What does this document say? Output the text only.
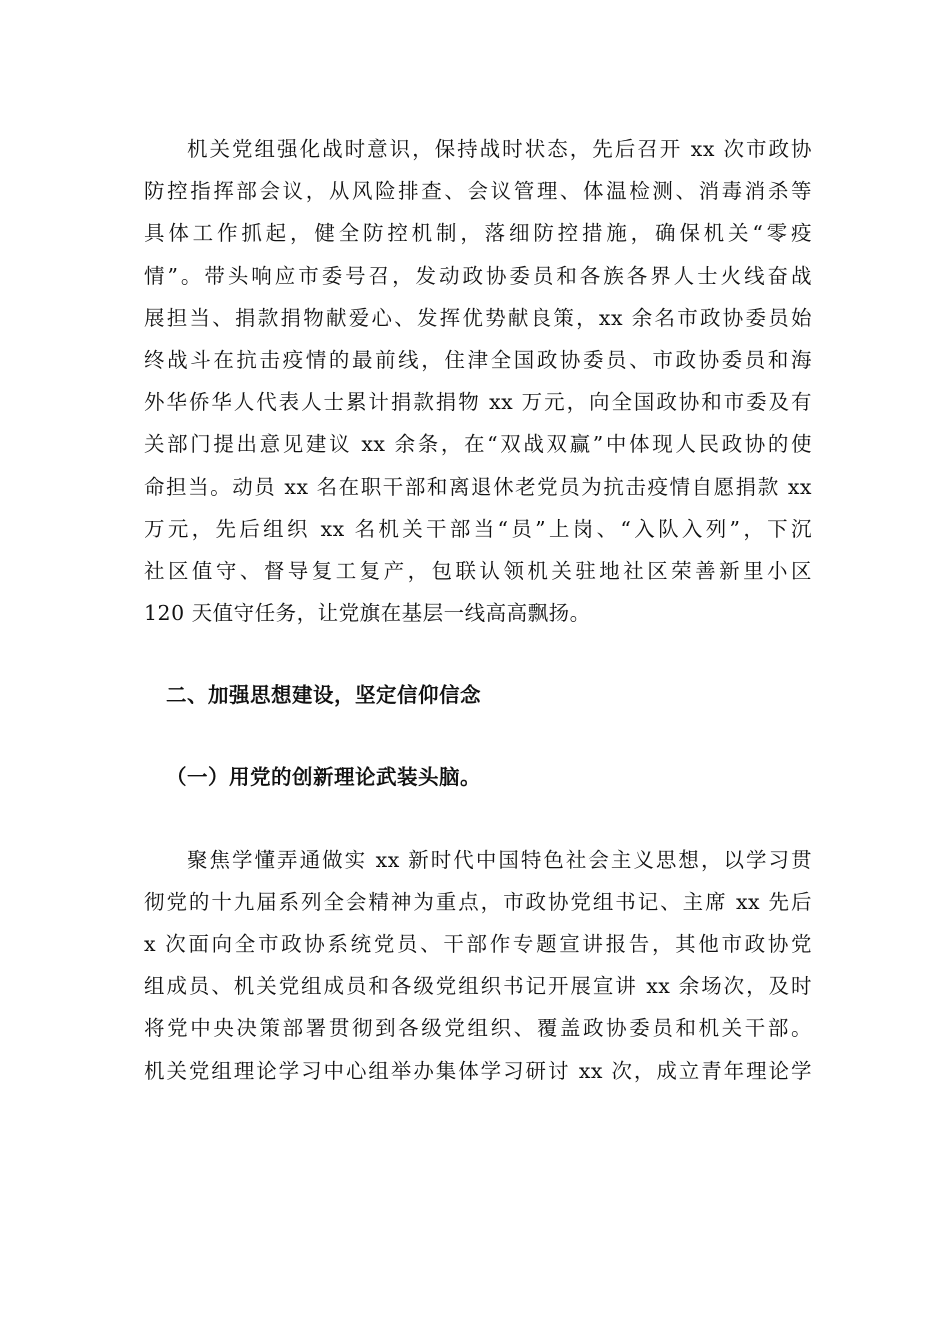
机关党组强化战时意识，保持战时状态，先后召开 xx 次市政协
防控指挥部会议，从风险排查、会议管理、体温检测、消毒消杀等
具体工作抓起，健全防控机制，落细防控措施，确保机关“零疫
情”。带头响应市委号召，发动政协委员和各族各界人士火线奋战
展担当、捐款捐物献爱心、发挥优势献良策，xx 余名市政协委员始
终战斗在抗击疫情的最前线，住津全国政协委员、市政协委员和海
外华侨华人代表人士累计捐款捐物 xx 万元，向全国政协和市委及有
关部门提出意见建议 xx 余条，在“双战双赢”中体现人民政协的使
命担当。动员 xx 名在职干部和离退休老党员为抗击疫情自愿捐款 xx
万元，先后组织 xx 名机关干部当“员”上岗、“入队入列”，下沉
社区值守、督导复工复产，包联认领机关驻地社区荣善新里小区
120 天值守任务，让党旗在基层一线高高飘扬。
二、加强思想建设，坚定信仰信念
（一）用党的创新理论武装头脑。
聚焦学懂弄通做实 xx 新时代中国特色社会主义思想，以学习贯
彻党的十九届系列全会精神为重点，市政协党组书记、主席 xx 先后
x 次面向全市政协系统党员、干部作专题宣讲报告，其他市政协党
组成员、机关党组成员和各级党组织书记开展宣讲 xx 余场次，及时
将党中央决策部署贯彻到各级党组织、覆盖政协委员和机关干部。
机关党组理论学习中心组举办集体学习研讨 xx 次，成立青年理论学
